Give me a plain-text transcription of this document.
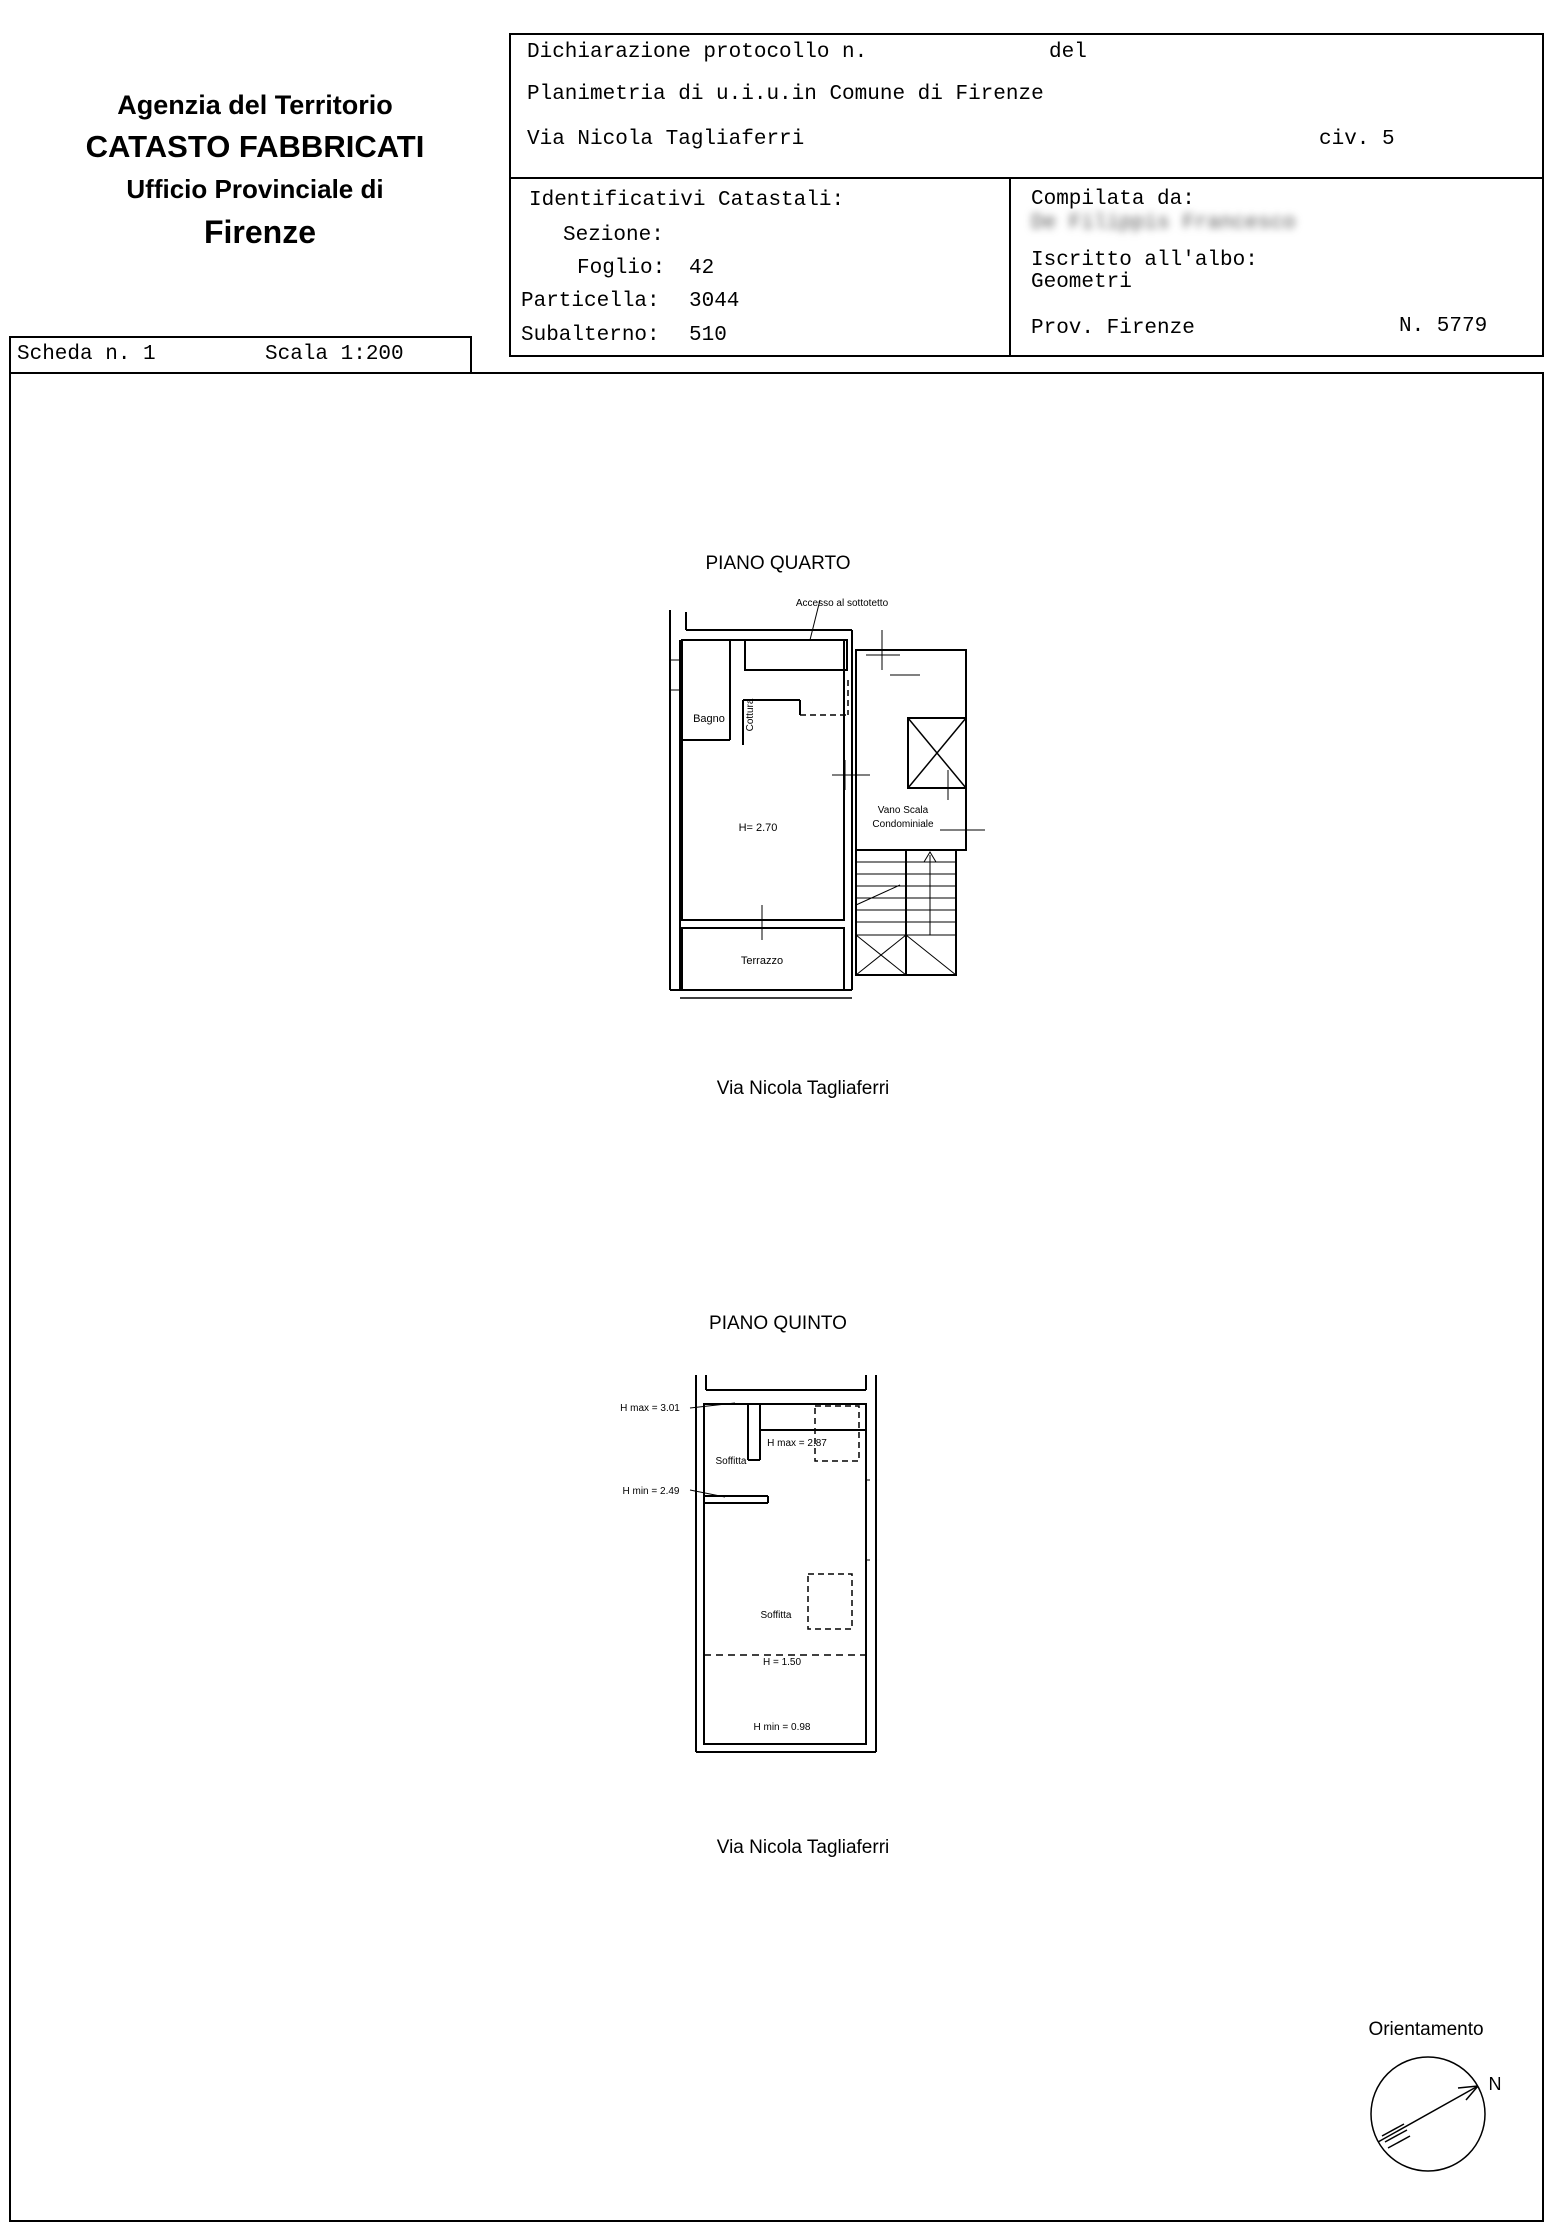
Agenzia del Territorio
CATASTO FABBRICATI
Ufficio Provinciale di
Firenze
Dichiarazione protocollo n.	del
Planimetria di u.i.u.in Comune di Firenze
Via Nicola Tagliaferri	civ. 5
Identificativi Catastali:
Sezione:
Foglio: 42
Particella: 3044
Subalterno: 510
Compilata da:
De Filippis Francesco
Iscritto all'albo:
Geometri
Prov. Firenze	N. 5779
Scheda n. 1	Scala 1:200
PIANO QUARTO
Accesso al sottotetto
Bagno Cottura
H= 2.70
Vano Scala
Condominiale
Terrazzo
Via Nicola Tagliaferri
PIANO QUINTO
H max = 3.01
H max = 2.87
Soffitta
H min = 2.49
Soffitta
H = 1.50
H min = 0.98
Via Nicola Tagliaferri
Orientamento
N
